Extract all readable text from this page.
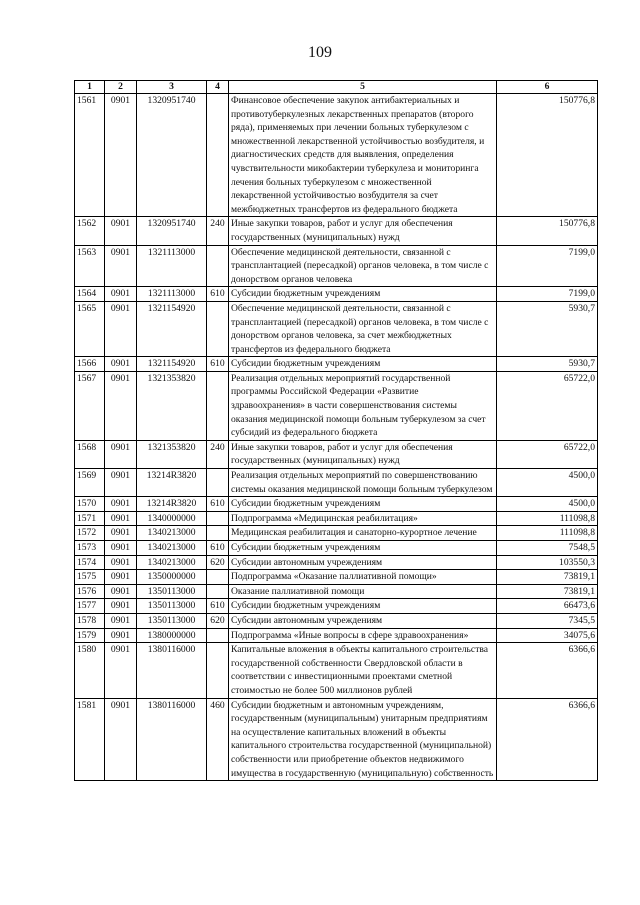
109
1	2	3	4	5	6
1561	0901	1320951740		Финансовое обеспечение закупок антибактериальных и противотуберкулезных лекарственных препаратов (второго ряда), применяемых при лечении больных туберкулезом с множественной лекарственной устойчивостью возбудителя, и диагностических средств для выявления, определения чувствительности микобактерии туберкулеза и мониторинга лечения больных туберкулезом с множественной лекарственной устойчивостью возбудителя за счет межбюджетных трансфертов из федерального бюджета	150776,8
1562	0901	1320951740	240	Иные закупки товаров, работ и услуг для обеспечения государственных (муниципальных) нужд	150776,8
1563	0901	1321113000		Обеспечение медицинской деятельности, связанной с трансплантацией (пересадкой) органов человека, в том числе с донорством органов человека	7199,0
1564	0901	1321113000	610	Субсидии бюджетным учреждениям	7199,0
1565	0901	1321154920		Обеспечение медицинской деятельности, связанной с трансплантацией (пересадкой) органов человека, в том числе с донорством органов человека, за счет межбюджетных трансфертов из федерального бюджета	5930,7
1566	0901	1321154920	610	Субсидии бюджетным учреждениям	5930,7
1567	0901	1321353820		Реализация отдельных мероприятий государственной программы Российской Федерации «Развитие здравоохранения» в части совершенствования системы оказания медицинской помощи больным туберкулезом за счет субсидий из федерального бюджета	65722,0
1568	0901	1321353820	240	Иные закупки товаров, работ и услуг для обеспечения государственных (муниципальных) нужд	65722,0
1569	0901	13214R3820		Реализация отдельных мероприятий по совершенствованию системы оказания медицинской помощи больным туберкулезом	4500,0
1570	0901	13214R3820	610	Субсидии бюджетным учреждениям	4500,0
1571	0901	1340000000		Подпрограмма «Медицинская реабилитация»	111098,8
1572	0901	1340213000		Медицинская реабилитация и санаторно-курортное лечение	111098,8
1573	0901	1340213000	610	Субсидии бюджетным учреждениям	7548,5
1574	0901	1340213000	620	Субсидии автономным учреждениям	103550,3
1575	0901	1350000000		Подпрограмма «Оказание паллиативной помощи»	73819,1
1576	0901	1350113000		Оказание паллиативной помощи	73819,1
1577	0901	1350113000	610	Субсидии бюджетным учреждениям	66473,6
1578	0901	1350113000	620	Субсидии автономным учреждениям	7345,5
1579	0901	1380000000		Подпрограмма «Иные вопросы в сфере здравоохранения»	34075,6
1580	0901	1380116000		Капитальные вложения в объекты капитального строительства государственной собственности Свердловской области в соответствии с инвестиционными проектами сметной стоимостью не более 500 миллионов рублей	6366,6
1581	0901	1380116000	460	Субсидии бюджетным и автономным учреждениям, государственным (муниципальным) унитарным предприятиям на осуществление капитальных вложений в объекты капитального строительства государственной (муниципальной) собственности или приобретение объектов недвижимого имущества в государственную (муниципальную) собственность	6366,6
